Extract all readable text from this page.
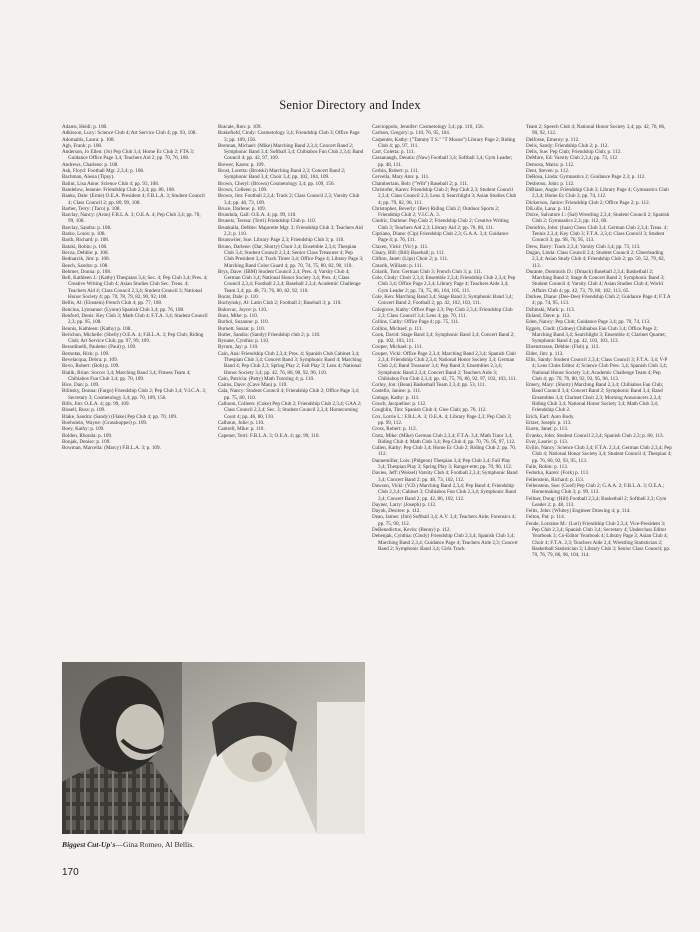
Senior Directory and Index

Adams, Heidi: p. 108.

Adkisson, Lucy: Science Club 4; Art Service Club 4; pp. 93, 108.

Adomaitis, Laura: p. 108.

Agh, Frank: p. 108.

Anderson, Jo Ellen: (Jo) Pep Club 3,4; Home Ec Club 2; FTA 3; Guidance Office Page 3,4; Teachers Aid 2; pp. 70, 76, 108.

Andrews, Charlene: p. 108.

Ash, Floyd: Football Mgr. 2,3,4; p. 108.

Bachman, Alesia (Tipsy).

Balint, Lisa Anne: Science Club 4; pp. 93, 108.

Bandelow, Jeannie: Friendship Club 2,3,4; pp. 86, 108.

Banks, Dale: (Ernie) O.E.A. President 4; F.B.L.A. 3; Student Council 4; Class Council 2; pp. 80, 99, 108.

Barber, Terry: (Taco) p. 108.

Barclay, Nancy: (Aron) F.B.L.A. 3; O.E.A. 4; Pep Club 3,4; pp. 70, 99, 108.

Barclay, Sandra: p. 108.

Barko, Louis: p. 108.

Barth, Richard: p. 108.

Batzki, Robin: p. 108.

Becza, Debbie: p. 108.

Bednarcik, Jim: p. 108.

Beech, Sandra: p. 108.

Behmer, Donna: p. 108.

Bell, Kathleen J.: (Kathy) Thespians 3,4; Sec. 4; Pep Club 3,4; Pres. 4; Creative Writing Club 4; Asian Studies Club Sec. Treas. 4; Teachers Aid 4; Class Council 2,3,4; Student Council 3; National Honor Society 4; pp. 70, 78, 79, 82, 90, 92, 108.

Bellis, Al: (Einstein) French Club 4; pp. 77, 108.

Bencina, Lynnanne: (Lynne) Spanish Club 3,4; pp. 76, 108.

Benford, Denis: Key Club 3; Math Club 4; F.T.A. 3,4; Student Council 2,3; pp. 95, 108.

Bennis, Kathleen: (Kathy) p. 108.

Berichon, Michelle: (Shelly) O.E.A. 4; F.B.L.A. 3; Pep Club; Riding Club; Art Service Club; pp. 97, 99, 109.

Berardinelli, Paulette: (Paul) p. 109.

Bernotas, Rick: p. 109.

Bevelacqua, Debra: p. 109.

Bevo, Robert: (Bob) p. 109.

Bialik, Brian: Soccer 3,4; Marching Band 3,4; Fitness Team 4; Chibiabos Fun Club 3,4; pp. 70, 109.

Bice, Dan: p. 109.

Bilinsky, Donna: (Fargo) Friendship Club 2; Pep Club 3,4; V.I.C.A. 3; Secretary 3; Cosmetology 3,4; pp. 70, 109, 156.

Bills, Jim: O.E.A. 4; pp. 99, 109.

Bissell, Russ: p. 109.

Blake, Sandra: (Sandy) (Flake) Pep Club 4; pp. 70, 109.

Boeholein, Wayne: (Grasshopper) p. 109.

Boey, Kathy: p. 109.

Bolden, Rhonda: p. 109.

Bonjak, Denise: p. 109.

Bowman, Marcella: (Marcy) F.B.L.A. 3; p. 109.

Bracale, Ron: p. 109.

Brakefield, Cindy: Cosmetology 3,4; Friendship Club 3; Office Page 3; pp. 109, 156.

Brennan, Michael: (Mike) Marching Band 2,3,4; Concert Band 2; Symphonic Band 3,4; Softball 3,4; Chibiabos Fun Club 2,3,4; Band Council 4; pp. 42, 97, 109.

Brewer, Karen: p. 109.

Brost, Loretta: (Brotski) Marching Band 2,3; Concert Band 2; Symphonic Band 3,4; Choir 3,4; pp. 102, 104, 109.

Brown, Cheryl: (Brown) Cosmetology 3,4; pp. 109, 156.

Brown, Colleen: p. 109.

Brown, Jim: Football 2,3,4; Track 2; Class Council 2,3; Varsity Club 3,4; pp. 48, 73, 109.

Bruce, Darlene: p. 109.

Brundula, Gail: O.E.A. 4; pp. 99, 110.

Brunetz, Teresa: (Terri) Friendship Club p. 110.

Brunkalla, Debbie: Majorette Mgr. 3; Friendship Club 3; Teachers Aid 2,3; p. 110.

Brunswiler, Sue: Library Page 2,3; Friendship Club 3; p. 110.

Bruno, Darlene: (Dar, Shorty) Choir 3,4; Ensemble 2,3,4; Thespian Club 3,4; Student Council 2,3,4; Senior Class Treasurer 4; Pep Club President 3,4; Track Timer 3,4; Office Page 4; Library Page 3; Marching Band Color Guard 4; pp. 70, 74, 75, 80, 82, 90, 110.

Brys, Dave: (IBM) Student Council 2,4; Pres. 4; Varsity Club 4; German Club 3,4; National Honor Society 3,4; Pres. 4; Class Council 2,3,4; Football 2,3,4; Baseball 2,3,4; Academic Challenge Team 3,4; pp. 48, 73, 76, 80, 82, 92, 110.

Bucar, Dale: p. 110.

Buchynsky, Al: Latin Club 2; Football 2; Baseball 3; p. 110.

Bukovac, Joyce: p. 110.

Bunt, Mike: p. 110.

Burbol, Suzanne: p. 110.

Burnett, Susan: p. 110.

Butler, Sandra: (Sandy) Friendship club 2; p. 110.

Bynane, Cynthia: p. 110.

Byrum, Jay: p. 110.

Cain, Ana: Friendship Club 2,3,4; Pres. 4; Spanish Club Cabinet 3,4; Thespian Club 3,4; Concert Band 3; Symphonic Band 4; Marching Band 4; Pep Club 2,3; Spring Play 2; Fall Play 3; Lens 4; National Honor Society 3,4; pp. 42, 76, 86, 90, 92, 96, 110.

Cain, Patricia: (Patty) Math Tutoring 4; p. 110.

Cairns, Dave: (Cave Man) p. 110.

Cala, Nancy: Student Council 4; Friendship Club 2; Office Page 3,4; pp. 75, 80, 110.

Calhoon, Colleen: (Coke) Pep Club 2; Friendship Club 2,3,4; GAA 2; Class Council 2,3,4; Sec. 3; Student Council 2,3,4; Homecoming Court 4; pp. 46, 80, 110.

Calhoun, Julie: p. 110.

Cantrell, Mike: p. 110.

Capener, Terri: F.B.L.A. 3; O.E.A. 4; pp. 99, 110.

Carcioppolo, Jennifer: Cosmetology 3,4; pp. 110, 156.

Carlson, Gregory: p. 110, 76, 95, 104.

Carpenter, Kathy: ("Tammy T S." "T Mouse") Library Page 2; Riding Club 4; pp. 97, 111.

Carr, Coletta: p. 111.

Cassanaugh, Dennis: (Naw) Football 3,4; Softball 3,4; Gym Leader; pp. 48, 111.

Cerbin, Robert: p. 111.

Cervella, Mary Ann: p. 111.

Chamberlain, Bob: ("Wilt") Baseball 2; p. 111.

Christofer, Karen: Friendship Club 2; Pep Club 2,3; Student Council 2,3,4; Class Council 2,3; Lens 4; Searchlight 3; Asian Studies Club 4; pp. 79, 82, 96, 111.

Christopher, Beverly: (Bev) Riding Club 2; Outdoor Sports 2; Friendship Club 2; V.I.C.A. 3.

Cindric, Darlene: Pep Club 2; Friendship Club 2; Creative Writing Club 3; Teachers Aid 2,3; Library Aid 2; pp. 70, 86, 111.

Cipriano, Diane: (Cip) Friendship Club 2,3; G.A.A. 3,4; Guidance Page 4; p. 76, 111.

Claxen, Vicki: (Vic) p. 111.

Cleary, Bill: (Bill) Baseball; p. 111.

Clifton, Janet: (Lips) Choir 2; p. 111.

Cmarik, William: p. 111.

Colarik, Tom: German Club 3; French Club 3; p. 111.

Cole, Cindy: Choir 2,3,4; Ensemble 2,3,4; Friendship Club 2,3,4; Pep Club 3,4; Office Page 2,3,4; Library Page 4; Teachers Aide 3,4; Gym Leader 2; pp. 74, 75, 86, 104, 105, 111.

Cole, Ken: Marching Band 3,4; Stage Band 3; Symphonic Band 3,4; Concert Band 2; Football 2; pp. 42, 102, 103, 111.

Colegrove, Kathy: Office Page 2,3; Pep Club 2,3,4; Friendship Club 2,3; Class Council 3,4; Lens 4; pp. 70, 111.

Collins, Cathy: Office Page 4; pp. 75, 111.

Collins, Michael: p. 111.

Cook, David: Stage Band 3,4; Symphonic Band 3,4; Concert Band 2; pp. 102, 103, 111.

Cooper, Michael: p. 111.

Cooper, Vicki: Office Page 2,3,4; Marching Band 2,3,4; Spanish Club 2,3,4; Friendship Club 2,3,4; National Honor Society 3,4; German Club 2,4; Band Treasurer 3,4; Pep Band 3; Ensembles 2,3,4; Symphonic Band 2,3,4; Concert Band 2; Teachers Aide 3; Chibiabos Fun Club 2,3,4; pp. 42, 75, 76, 86, 92, 97, 102, 103, 111.

Corley, Jon: (Bean) Basketball Team 2,3,4; pp. 53, 111.

Costello, Janine: p. 111.

Cottage, Kathy: p. 111.

Couch, Jacqueline: p. 112.

Coughlin, Tim: Spanish Club 4; Glee Club; pp. 76, 112.

Cox, Lorrie L.: F.B.L.A. 3; O.E.A. 4; Library Page 2,3; Pep Club 3; pp. 99, 112.

Cross, Robert: p. 112.

Ctutz, Mike: (Mike) German Club 2,3,4; F.T.A. 3,4; Math Tutor 3,4; Riding Club 4; Math Club 3,4; Pep Club 4; pp. 70, 76, 95, 97, 112.

Cullen, Kathy: Pep Club 3,4; Home Ec Club 2; Riding Club 2; pp. 70, 112.

Dannemiller, Lois: (Pidgeon) Thespian 3,4; Pep Club 3,4; Fall Play 3,4; Thespian Play 3; Spring Play 3; Ranger-ette; pp. 70, 90, 112.

Davies, Jeff: (Wessel) Varsity Club 4; Football 2,3,4; Symphonic Band 3,4; Concert Band 2; pp. 48, 73, 102, 112.

Dawson, Vicki: (V.D.) Marching Band 2,3,4; Pep Band 4; Friendship Club 2,3,4; Cabinet 3; Chibiabos Fun Club 2,3,4; Symphonic Band 3,4; Concert Band 2; pp. 42, 86, 102, 112.

Dayner, Larry: (Joseph) p. 112.

Dayok, Desiree: p. 112.

Dean, James: (Jim) Softball 3,4; A.V. 3,4; Teachers Aide; Forensics 4; pp. 75, 90, 112.

DeBenedictus, Kevin: (Benny) p. 112.

Debenjak, Cynthia: (Cindy) Friendship Club 2,3,4; Spanish Club 3,4; Marching Band 2,3,4; Guidance Page 4; Teachers Aide 2,3; Concert Band 2; Symphonic Band 3,4; Girls Track

Team 2; Speech Club 4; National Honor Society 3,4; pp. 42, 76, 86, 90, 92, 112.

Delfosse, Emeroy: p. 112.

Delis, Sandy: Friendship Club 2; p. 112.

Delis, Sue: Pep Club; Friendship Club; p. 112.

DeMore, Ed: Varsity Club 2,3,4; pp. 73, 112.

Demosa, Maria: p. 112.

Dent, Steven: p. 112.

DeRosa, Linda: Gymnastics 2; Guidance Page 2,3; p. 112.

Desbrosu, John: p. 112.

DiBiase, Angie: Friendship Club 3; Library Page 4; Gymnastics Club 2,3,4; Home Ec Club 3; pp. 74, 112.

Dickerson, Janice: Friendship Club 2; Office Page 2; p. 112.

DiLullo, Lana: p. 112.

Dolce, Salvatore J.: (Sal) Wrestling 2,3,4; Student Council 2; Spanish Club 2; Gymnastics 2,3; pp. 112, 60.

Donofrio, John: (Juan) Chess Club 3,4; German Club 2,3,4; Treas. 4; Tennis 2,3,4; Key Club 3; F.T.A. 2,3,4; Class Council 3; Student Council 3; pp. 98, 76, 95, 113.

Drew, Barry: Track 2,3,4; Varsity Club 3,4; pp. 73, 113.

Dugan, Linda: Class Council 2,4; Student Council 2; Cheerleading 2,3,4; Asian Study Club 4; Friendship Club 2; pp. 50, 52, 79, 82, 113.

Durante, Dominick D.: (Dmack) Baseball 2,3,4; Basketball 2; Marching Band 2; Stage & Concert Band 2; Symphonic Band 3; Student Council 4; Varsity Club 4; Asian Studies Club 4; World Affairs Club 4; pp. 42, 73, 79, 80, 102, 113, 65.

Durkee, Diane: (Dee-Dee) Friendship Club 2; Guidance Page 4; F.T.A 4; pp. 74, 95, 113.

Dzbinski, Mark: p. 113.

Ekland, Dave: p. 113.

Eden, Nancy: Pep Club; Guidance Page 3,4; pp. 70, 74, 113.

Eggers, Cindi: (Cidney) Chibiabos Fan Club 3,4; Office Page 2; Marching Band 3,4; Searchlight 3; Ensemble 4; Clarinet Quartet; Symphonic Band 4; pp. 42, 103, 103, 113.

Ehrenstrasse, Debbie: (Fish) p. 113.

Elder, Jim: p. 113.

Ellis, Sandy: Student Council 2,3,4; Class Council 3; F.T.A. 3,4; V-P 4; Lens Clubs Editor 4; Science Club Pres. 3,4; Spanish Club 3,4; National Honor Society 3,4; Academic Challenge Team 4; Pep Club 4; pp. 70, 76, 80, 92, 93, 95, 96, 113.

Emery, Mary: (Shorty) Marching Band 2,3,4; Chibiabos Fan Club; Band Council 3,4; Concert Band 2; Symphonic Band 3,4; Band Ensembles 3,4; Clarinet Choir 2,3; Morning Announcers 2,3,4; Riding Club 3,4; National Honor Society 3,4; Math Club 3,4; Friendship Club 2.

Erich, Earl: Auto Body.

Ertzer, Joseph: p. 113.

Euren, Janet: p. 113.

Evanko, John: Student Council 2,3,4; Spanish Club 2,3; p. 80, 113.

Ever, Laurie: p. 113.

Evilio, Nancy: Science Club 3,4; F.T.A. 2,3,4; German Club 2,3,4; Pep Club 4; National Honor Society 3,4; Student Council 4; Thespian 4; pp. 76, 80, 92, 93, 95, 113.

Faile, Robin: p. 113.

Fedorka, Karen: (Fork) p. 113.

Fellenstein, Richard: p. 113.

Fellenstein, Sue: (Goof) Pep Club 2; G.A.A. 2; F.B.L.A. 3; O.E.A.; Homemaking Club 3; p. 99, 113.

Fellner, Doug: (Hill) Football 2,3,4; Basketball 2; Softball 2,3; Gym Leader 2; p. 48, 113.

Feltis, John: (Whitey) Engineer Drawing 4; p. 114.

Felton, Pat: p. 114.

Fende, Lorraine M.: (Lori) Friendship Club 2,3,4; Vice-President 3; Pep Club 2,3,4; Spanish Club 3,4; Secretary 4; Underclass Editor Yearbook 3; Co-Editor Yearbook 4; Library Page 3; Asian Club 4; Choir 4; F.T.A. 2,3; Teachers Aide 2,4; Wrestling Statistician 2; Basketball Statistician 3; Library Club 3; Senior Class Council; pp. 70, 76, 79, 86, 96, 104, 114.

Biggest Cut-Up's—Gina Romeo, Al Bellis.
170
